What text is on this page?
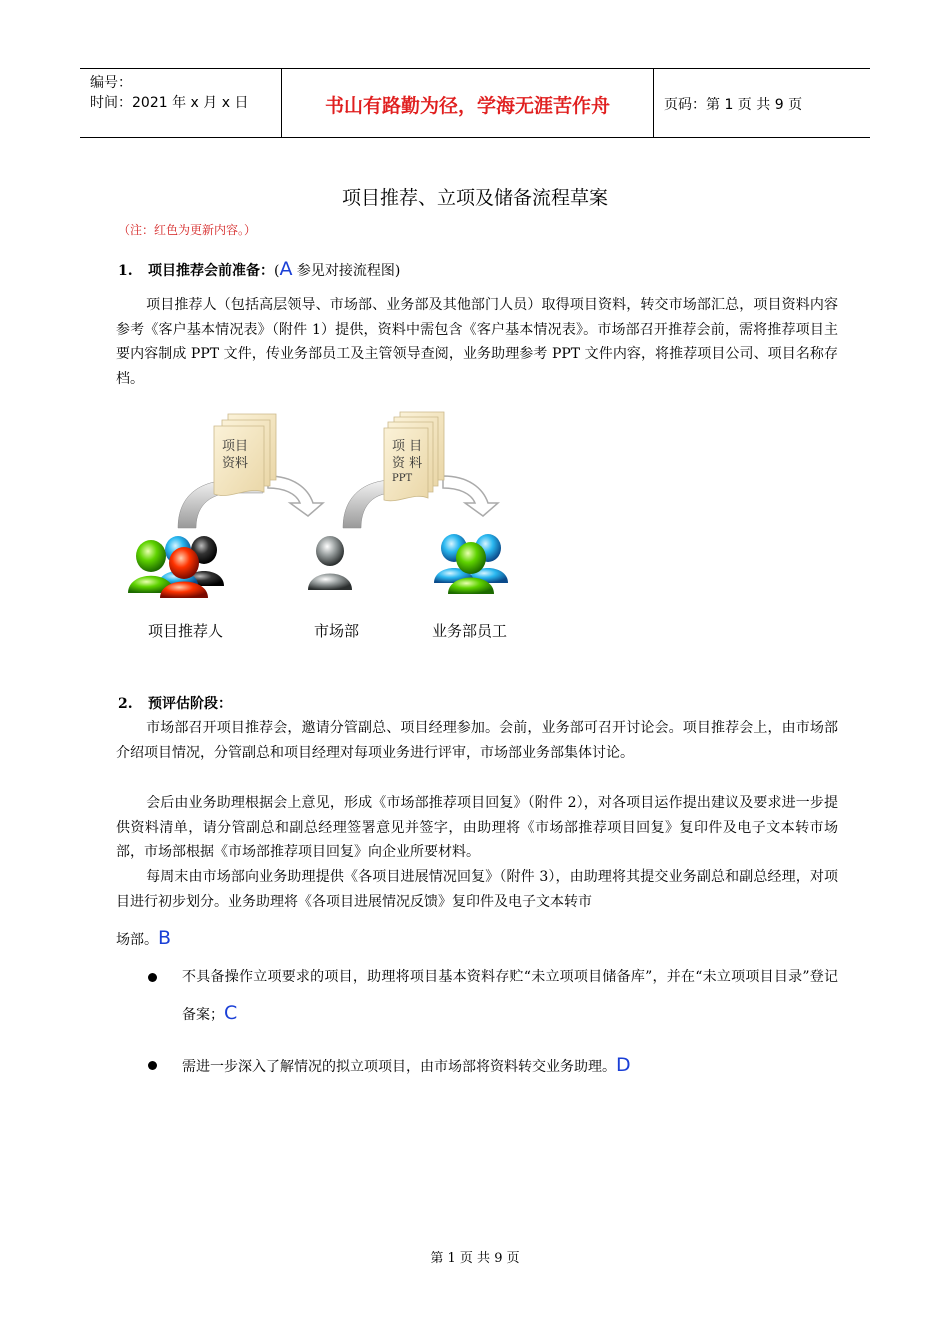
编号：
时间：2021 年 x 月 x 日	书山有路勤为径，学海无涯苦作舟	页码：第 1 页 共 9 页
项目推荐、立项及储备流程草案
（注：红色为更新内容。）
1. 项目推荐会前准备：(A 参见对接流程图)
项目推荐人（包括高层领导、市场部、业务部及其他部门人员）取得项目资料，转交市场部汇总，项目资料内容参考《客户基本情况表》（附件 1）提供，资料中需包含《客户基本情况表》。市场部召开推荐会前，需将推荐项目主要内容制成 PPT 文件，传业务部员工及主管领导查阅，业务助理参考 PPT 文件内容，将推荐项目公司、项目名称存档。
项目
资料
项 目
资 料
PPT
项目推荐人	市场部	业务部员工
2. 预评估阶段：
市场部召开项目推荐会，邀请分管副总、项目经理参加。会前，业务部可召开讨论会。项目推荐会上，由市场部介绍项目情况，分管副总和项目经理对每项业务进行评审，市场部业务部集体讨论。
会后由业务助理根据会上意见，形成《市场部推荐项目回复》（附件 2），对各项目运作提出建议及要求进一步提供资料清单，请分管副总和副总经理签署意见并签字，由助理将《市场部推荐项目回复》复印件及电子文本转市场部，市场部根据《市场部推荐项目回复》向企业所要材料。
每周末由市场部向业务助理提供《各项目进展情况回复》（附件 3），由助理将其提交业务副总和副总经理，对项目进行初步划分。业务助理将《各项目进展情况反馈》复印件及电子文本转市
场部。B
不具备操作立项要求的项目，助理将项目基本资料存贮“未立项项目储备库”，并在“未立项项目目录”登记备案；C
需进一步深入了解情况的拟立项项目，由市场部将资料转交业务助理。D
第 1 页 共 9 页
